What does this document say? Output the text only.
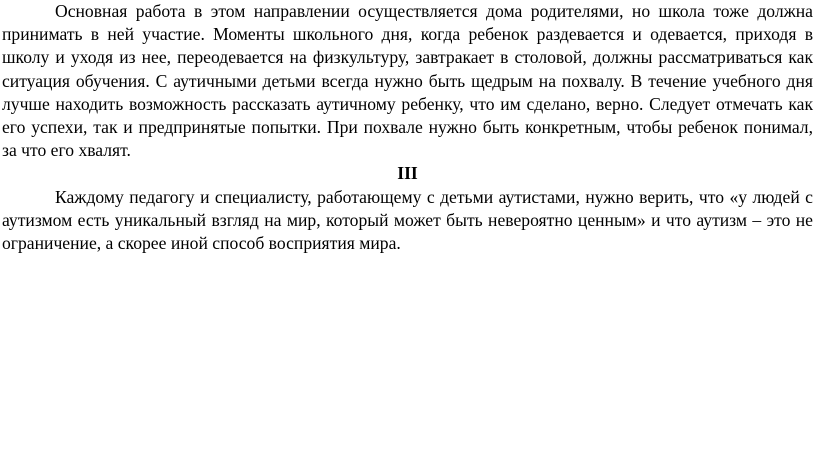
Основная работа в этом направлении осуществляется дома родителями, но школа тоже должна принимать в ней участие. Моменты школьного дня, когда ребенок раздевается и одевается, приходя в школу и уходя из нее, переодевается на физкультуру, завтракает в столовой, должны рассматриваться как ситуация обучения. С аутичными детьми всегда нужно быть щедрым на похвалу. В течение учебного дня лучше находить возможность рассказать аутичному ребенку, что им сделано, верно. Следует отмечать как его успехи, так и предпринятые попытки. При похвале нужно быть конкретным, чтобы ребенок понимал, за что его хвалят.

III

Каждому педагогу и специалисту, работающему с детьми аутистами, нужно верить, что «у людей с аутизмом есть уникальный взгляд на мир, который может быть невероятно ценным» и что аутизм – это не ограничение, а скорее иной способ восприятия мира.
